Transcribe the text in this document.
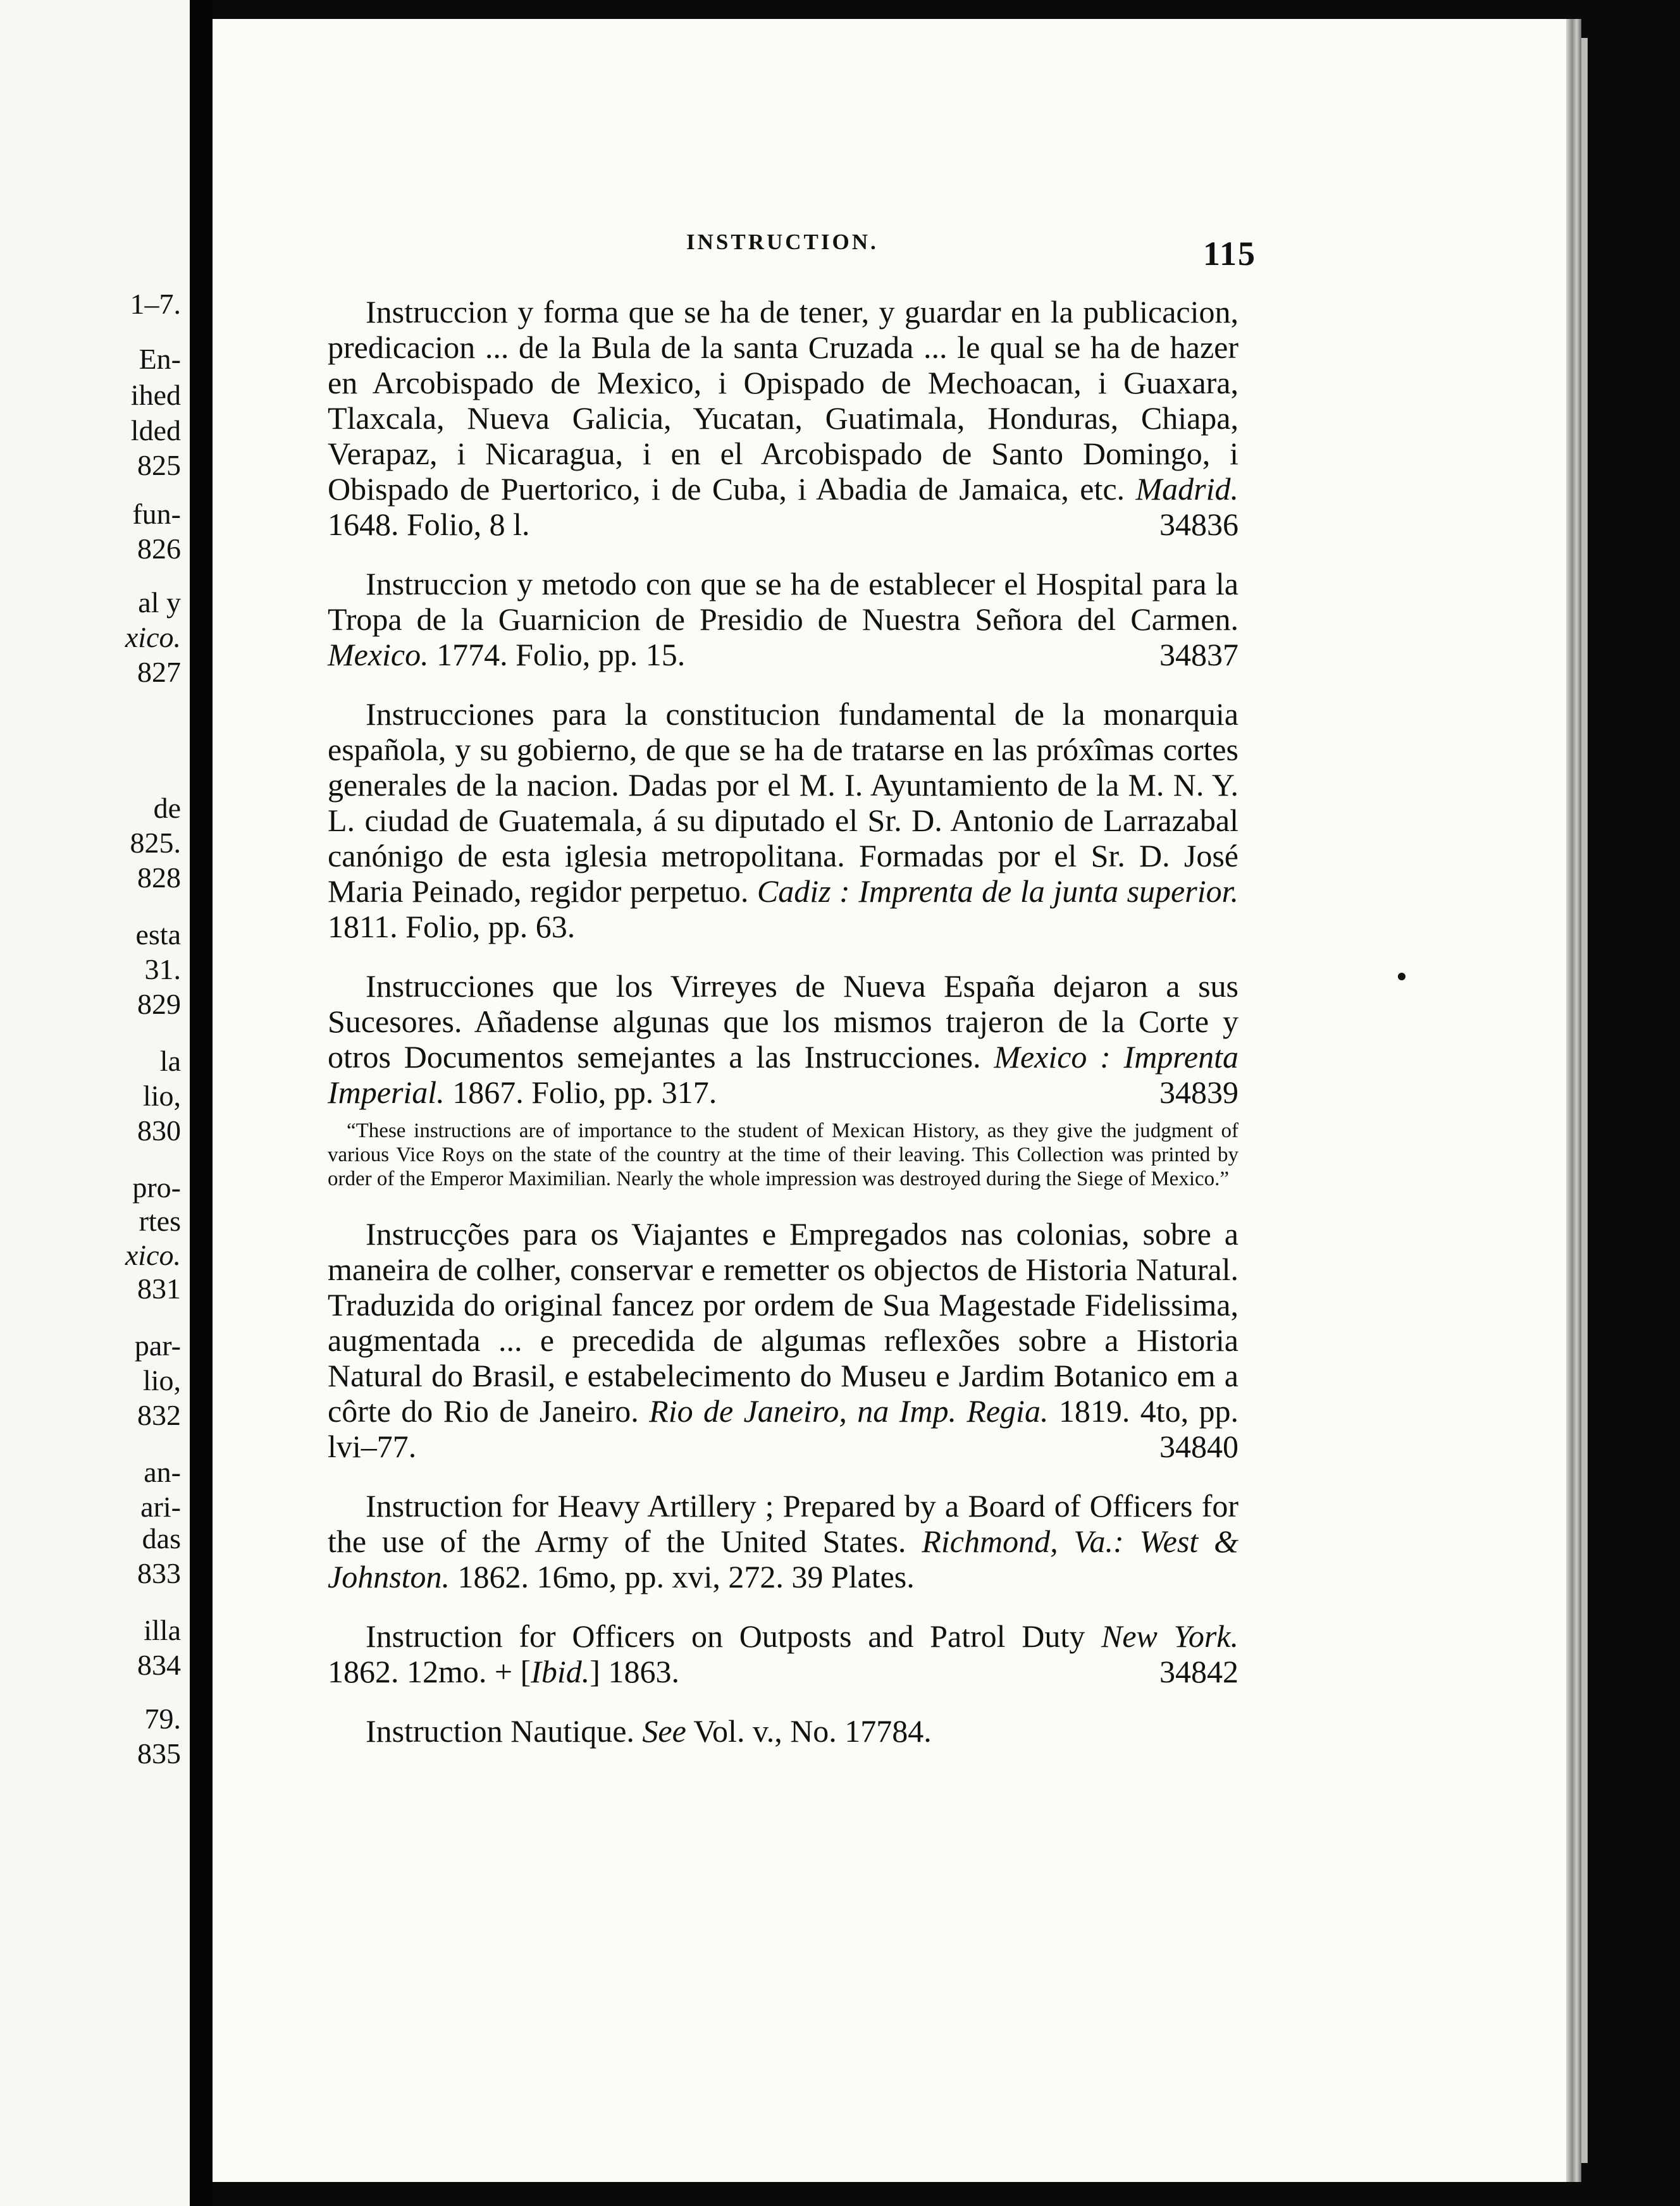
1–7.
En-
ihed
lded
825
fun-
826
al y
xico.
827
de
825.
828
esta
31.
829
la
lio,
830
pro-
rtes
xico.
831
par-
lio,
832
an-
ari-
das
833
illa
834
79.
835
INSTRUCTION.	115
Instruccion y forma que se ha de tener, y guardar en la publicacion, predicacion ... de la Bula de la santa Cruzada ... le qual se ha de hazer en Arcobispado de Mexico, i Opispado de Mechoacan, i Guaxara, Tlaxcala, Nueva Galicia, Yucatan, Guatimala, Honduras, Chiapa, Verapaz, i Nicaragua, i en el Arcobispado de Santo Domingo, i Obispado de Puertorico, i de Cuba, i Abadia de Jamaica, etc. Madrid. 1648. Folio, 8 l.	34836
Instruccion y metodo con que se ha de establecer el Hospital para la Tropa de la Guarnicion de Presidio de Nuestra Señora del Carmen. Mexico. 1774. Folio, pp. 15.	34837
Instrucciones para la constitucion fundamental de la monarquia española, y su gobierno, de que se ha de tratarse en las próxîmas cortes generales de la nacion. Dadas por el M. I. Ayuntamiento de la M. N. Y. L. ciudad de Guatemala, á su diputado el Sr. D. Antonio de Larrazabal canónigo de esta iglesia metropolitana. Formadas por el Sr. D. José Maria Peinado, regidor perpetuo. Cadiz : Imprenta de la junta superior. 1811. Folio, pp. 63.
Instrucciones que los Virreyes de Nueva España dejaron a sus Sucesores. Añadense algunas que los mismos trajeron de la Corte y otros Documentos semejantes a las Instrucciones. Mexico : Imprenta Imperial. 1867. Folio, pp. 317.	34839
“These instructions are of importance to the student of Mexican History, as they give the judgment of various Vice Roys on the state of the country at the time of their leaving. This Collection was printed by order of the Emperor Maximilian. Nearly the whole impression was destroyed during the Siege of Mexico.”
Instrucções para os Viajantes e Empregados nas colonias, sobre a maneira de colher, conservar e remetter os objectos de Historia Natural. Traduzida do original fancez por ordem de Sua Magestade Fidelissima, augmentada ... e precedida de algumas reflexões sobre a Historia Natural do Brasil, e estabelecimento do Museu e Jardim Botanico em a côrte do Rio de Janeiro. Rio de Janeiro, na Imp. Regia. 1819. 4to, pp. lvi–77.	34840
Instruction for Heavy Artillery ; Prepared by a Board of Officers for the use of the Army of the United States. Richmond, Va.: West & Johnston. 1862. 16mo, pp. xvi, 272. 39 Plates.
Instruction for Officers on Outposts and Patrol Duty New York. 1862. 12mo. + [Ibid.] 1863.	34842
Instruction Nautique. See Vol. v., No. 17784.
